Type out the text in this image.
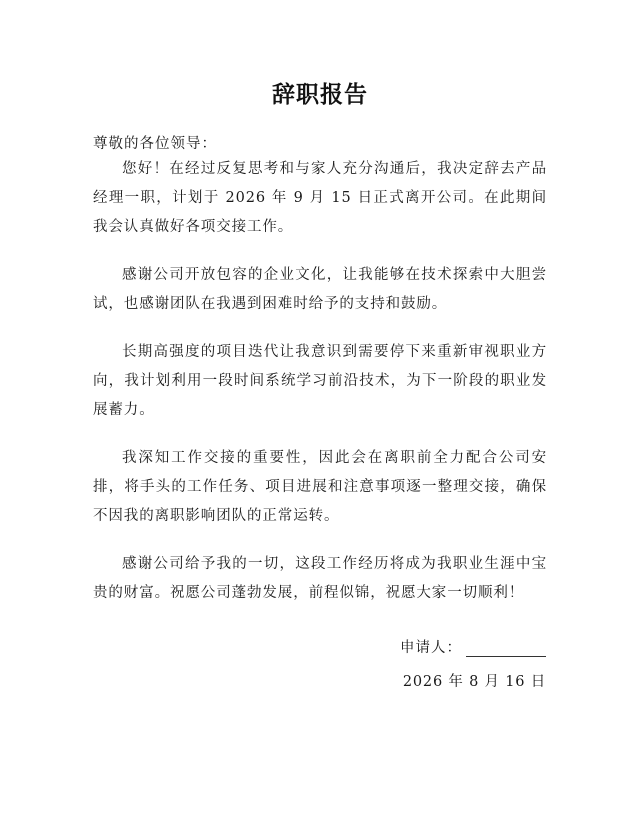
辞职报告
尊敬的各位领导：

您好！在经过反复思考和与家人充分沟通后，我决定辞去产品经理一职，计划于 2026 年 9 月 15 日正式离开公司。在此期间我会认真做好各项交接工作。

感谢公司开放包容的企业文化，让我能够在技术探索中大胆尝试，也感谢团队在我遇到困难时给予的支持和鼓励。

长期高强度的项目迭代让我意识到需要停下来重新审视职业方向，我计划利用一段时间系统学习前沿技术，为下一阶段的职业发展蓄力。

我深知工作交接的重要性，因此会在离职前全力配合公司安排，将手头的工作任务、项目进展和注意事项逐一整理交接，确保不因我的离职影响团队的正常运转。

感谢公司给予我的一切，这段工作经历将成为我职业生涯中宝贵的财富。祝愿公司蓬勃发展，前程似锦，祝愿大家一切顺利！

申请人：
2026 年 8 月 16 日
